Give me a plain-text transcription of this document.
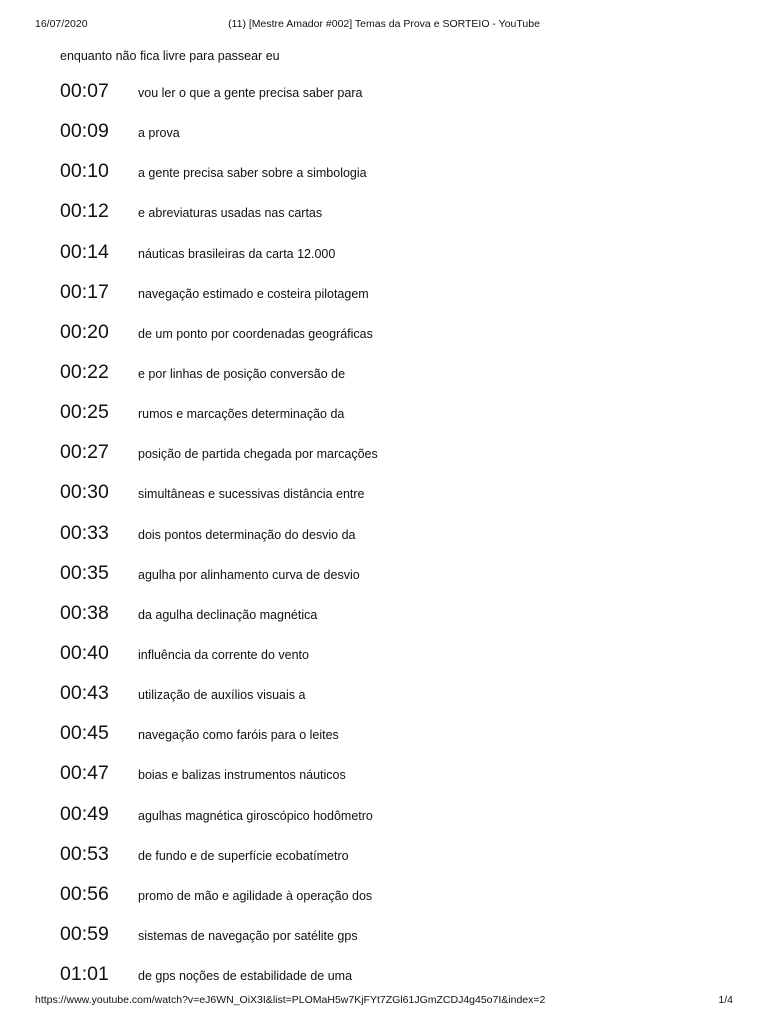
16/07/2020	(11) [Mestre Amador #002] Temas da Prova e SORTEIO - YouTube
enquanto não fica livre para passear eu
00:07 vou ler o que a gente precisa saber para
00:09 a prova
00:10 a gente precisa saber sobre a simbologia
00:12 e abreviaturas usadas nas cartas
00:14 náuticas brasileiras da carta 12.000
00:17 navegação estimado e costeira pilotagem
00:20 de um ponto por coordenadas geográficas
00:22 e por linhas de posição conversão de
00:25 rumos e marcações determinação da
00:27 posição de partida chegada por marcações
00:30 simultâneas e sucessivas distância entre
00:33 dois pontos determinação do desvio da
00:35 agulha por alinhamento curva de desvio
00:38 da agulha declinação magnética
00:40 influência da corrente do vento
00:43 utilização de auxílios visuais a
00:45 navegação como faróis para o leites
00:47 boias e balizas instrumentos náuticos
00:49 agulhas magnética giroscópico hodômetro
00:53 de fundo e de superfície ecobatímetro
00:56 promo de mão e agilidade à operação dos
00:59 sistemas de navegação por satélite gps
01:01 de gps noções de estabilidade de uma
https://www.youtube.com/watch?v=eJ6WN_OiX3I&list=PLOMaH5w7KjFYt7ZGl61JGmZCDJ4g45o7I&index=2	1/4
